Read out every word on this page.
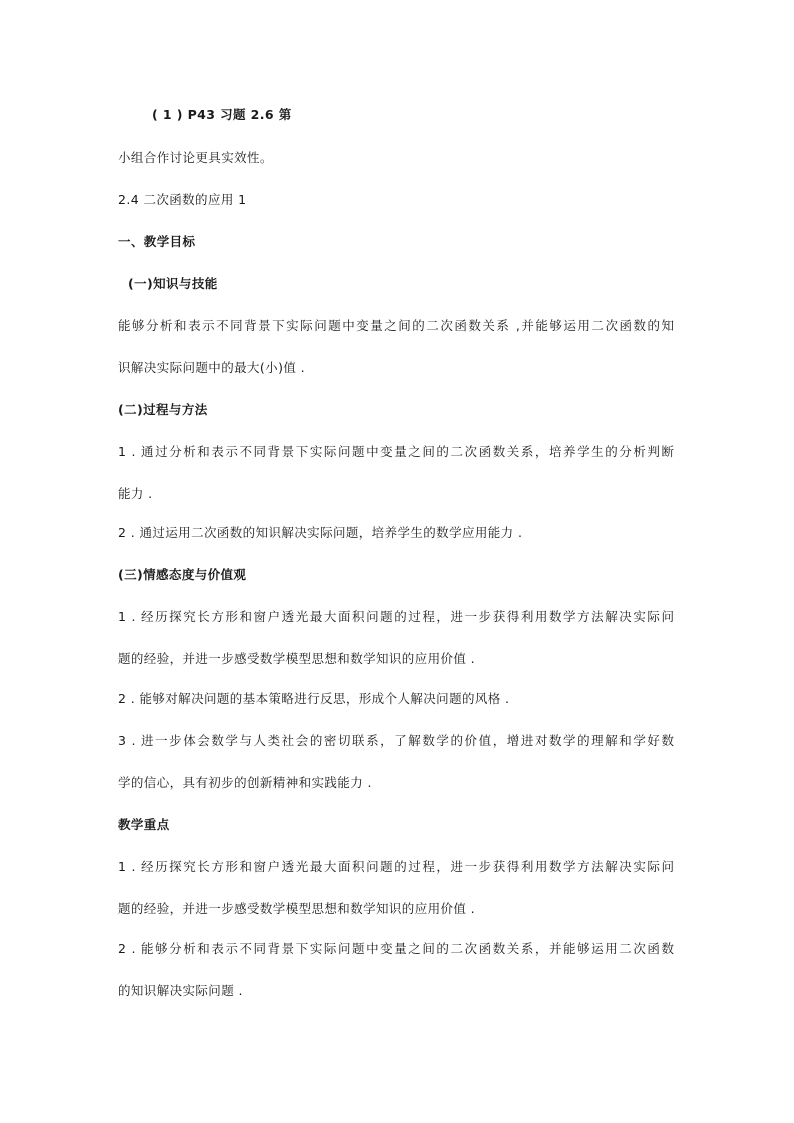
( 1 ) P43 习题 2.6 第
小组合作讨论更具实效性。
2.4 二次函数的应用 1
一、教学目标
(一)知识与技能
能够分析和表示不同背景下实际问题中变量之间的二次函数关系 ,并能够运用二次函数的知
识解决实际问题中的最大(小)值 .
(二)过程与方法
1 . 通过分析和表示不同背景下实际问题中变量之间的二次函数关系，培养学生的分析判断
能力 .
2 . 通过运用二次函数的知识解决实际问题，培养学生的数学应用能力 .
(三)情感态度与价值观
1 . 经历探究长方形和窗户透光最大面积问题的过程，进一步获得利用数学方法解决实际问
题的经验，并进一步感受数学模型思想和数学知识的应用价值 .
2 . 能够对解决问题的基本策略进行反思，形成个人解决问题的风格 .
3 . 进一步体会数学与人类社会的密切联系，了解数学的价值，增进对数学的理解和学好数
学的信心，具有初步的创新精神和实践能力 .
教学重点
1 . 经历探究长方形和窗户透光最大面积问题的过程，进一步获得利用数学方法解决实际问
题的经验，并进一步感受数学模型思想和数学知识的应用价值 .
2 . 能够分析和表示不同背景下实际问题中变量之间的二次函数关系，并能够运用二次函数
的知识解决实际问题 .
